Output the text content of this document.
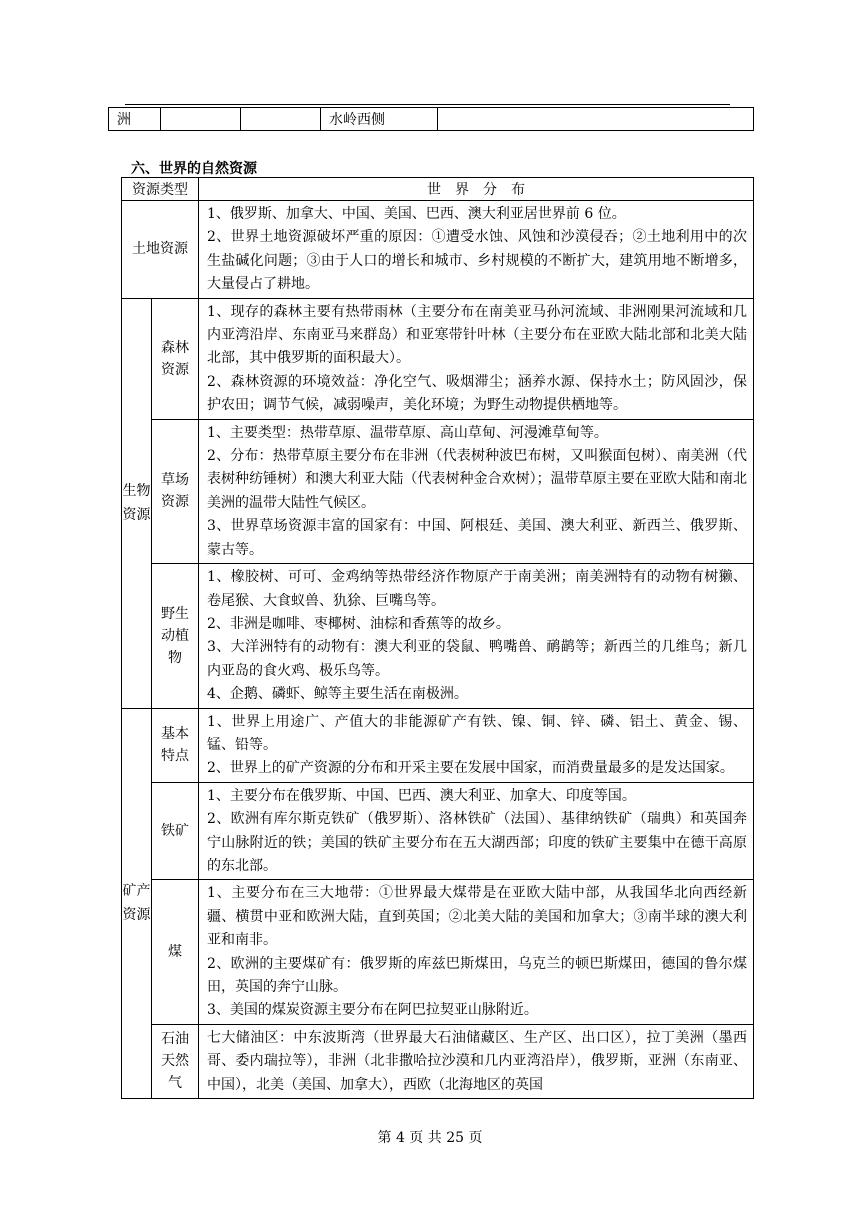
洲			水岭西侧	
六、世界的自然资源
资源类型		世　界　分　布
土地资源		1、俄罗斯、加拿大、中国、美国、巴西、澳大利亚居世界前 6 位。

2、世界土地资源破坏严重的原因：①遭受水蚀、风蚀和沙漠侵吞；②土地利用中的次生盐碱化问题；③由于人口的增长和城市、乡村规模的不断扩大，建筑用地不断增多，大量侵占了耕地。

生物资源	森林资源	1、现存的森林主要有热带雨林（主要分布在南美亚马孙河流域、非洲刚果河流域和几内亚湾沿岸、东南亚马来群岛）和亚寒带针叶林（主要分布在亚欧大陆北部和北美大陆北部，其中俄罗斯的面积最大）。

2、森林资源的环境效益：净化空气、吸烟滞尘；涵养水源、保持水土；防风固沙，保护农田；调节气候，减弱噪声，美化环境；为野生动物提供栖地等。

	草场资源	1、主要类型：热带草原、温带草原、高山草甸、河漫滩草甸等。

2、分布：热带草原主要分布在非洲（代表树种波巴布树，又叫猴面包树）、南美洲（代表树种纺锤树）和澳大利亚大陆（代表树种金合欢树）；温带草原主要在亚欧大陆和南北美洲的温带大陆性气候区。

3、世界草场资源丰富的国家有：中国、阿根廷、美国、澳大利亚、新西兰、俄罗斯、蒙古等。

	野生动植物	1、橡胶树、可可、金鸡纳等热带经济作物原产于南美洲；南美洲特有的动物有树獭、卷尾猴、大食蚁兽、犰狳、巨嘴鸟等。

2、非洲是咖啡、枣椰树、油棕和香蕉等的故乡。

3、大洋洲特有的动物有：澳大利亚的袋鼠、鸭嘴兽、鸸鹋等；新西兰的几维鸟；新几内亚岛的食火鸡、极乐鸟等。

4、企鹅、磷虾、鲸等主要生活在南极洲。

矿产资源	基本特点	1、世界上用途广、产值大的非能源矿产有铁、镍、铜、锌、磷、铝土、黄金、锡、锰、铅等。

2、世界上的矿产资源的分布和开采主要在发展中国家，而消费量最多的是发达国家。

	铁矿	1、主要分布在俄罗斯、中国、巴西、澳大利亚、加拿大、印度等国。

2、欧洲有库尔斯克铁矿（俄罗斯）、洛林铁矿（法国）、基律纳铁矿（瑞典）和英国奔宁山脉附近的铁；美国的铁矿主要分布在五大湖西部；印度的铁矿主要集中在德干高原的东北部。

	煤	1、主要分布在三大地带：①世界最大煤带是在亚欧大陆中部，从我国华北向西经新疆、横贯中亚和欧洲大陆，直到英国；②北美大陆的美国和加拿大；③南半球的澳大利亚和南非。

2、欧洲的主要煤矿有：俄罗斯的库兹巴斯煤田，乌克兰的顿巴斯煤田，德国的鲁尔煤田，英国的奔宁山脉。

3、美国的煤炭资源主要分布在阿巴拉契亚山脉附近。

	石油天然气	七大储油区：中东波斯湾（世界最大石油储藏区、生产区、出口区），拉丁美洲（墨西哥、委内瑞拉等），非洲（北非撒哈拉沙漠和几内亚湾沿岸），俄罗斯，亚洲（东南亚、中国），北美（美国、加拿大），西欧（北海地区的英国

第 4 页 共 25 页
